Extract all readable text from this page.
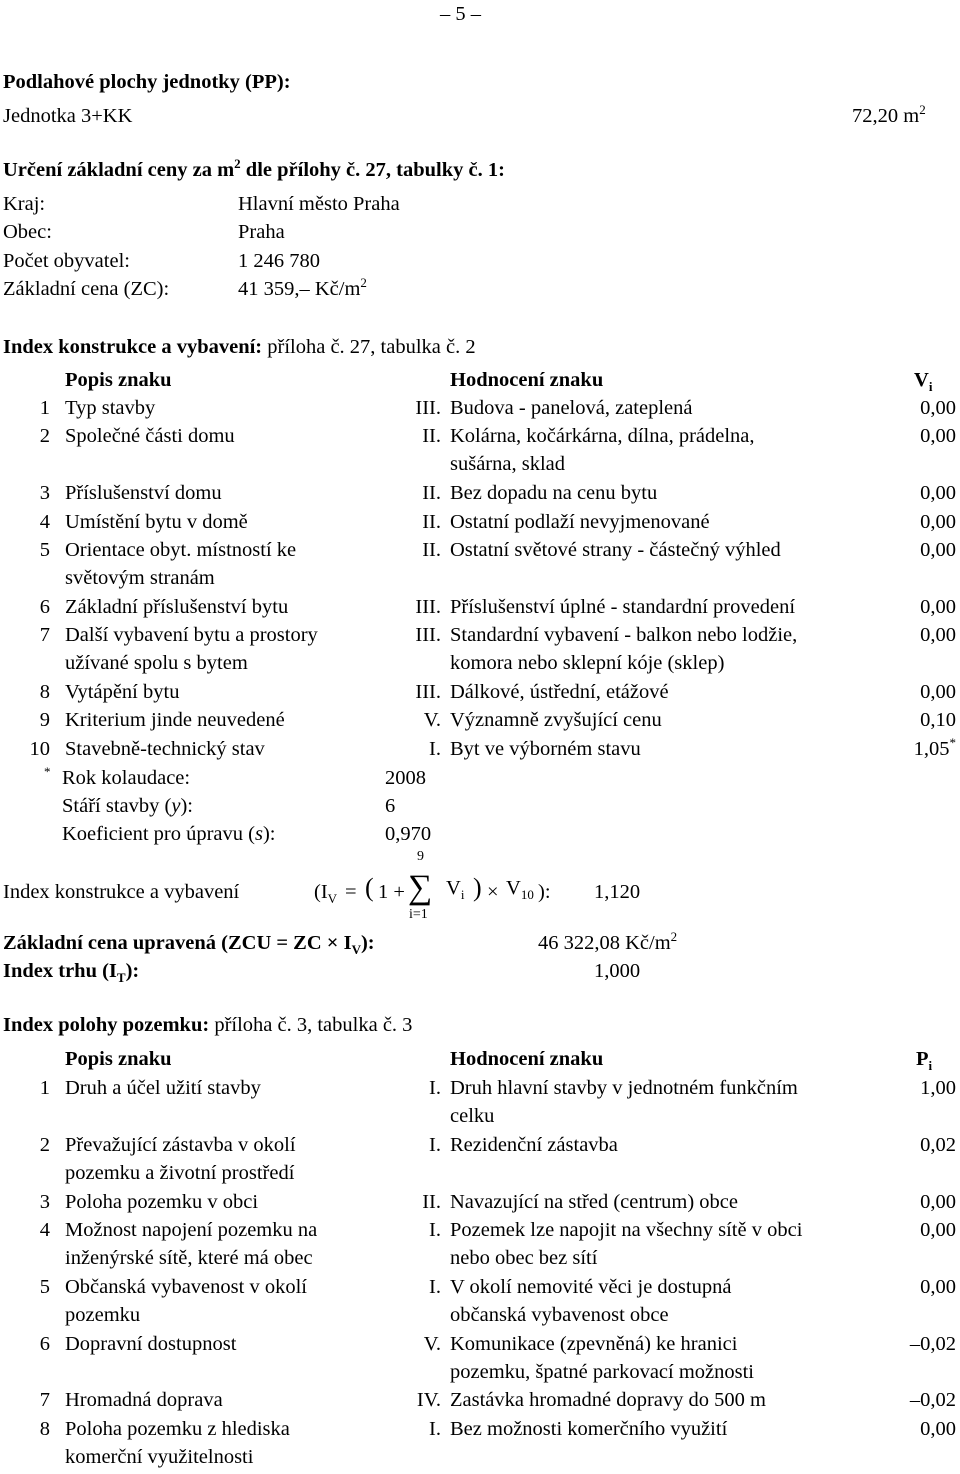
– 5 –
Podlahové plochy jednotky (PP):
Jednotka 3+KK	72,20 $m^2$
Určení základní ceny za $m^2$ dle přílohy č. 27, tabulky č. 1:
Kraj:	Hlavní město Praha
Obec:	Praha
Počet obyvatel:	1 246 780
Základní cena (ZC):	41 359,– $Kč/m^2$
Index konstrukce a vybavení: příloha č. 27, tabulka č. 2
Popis znaku	Hodnocení znaku	$V_i$
1 Typ stavby	III. Budova - panelová, zateplená	0,00
2 Společné části domu	II. Kolárna, kočárkárna, dílna, prádelna,
sušárna, sklad
0,00
3 Příslušenství domu	II. Bez dopadu na cenu bytu	0,00
4 Umístění bytu v domě	II. Ostatní podlaží nevyjmenované	0,00
5 Orientace obyt. místností ke
světovým stranám
II. Ostatní světové strany - částečný výhled	0,00
6 Základní příslušenství bytu	III. Příslušenství úplné - standardní provedení	0,00
7 Další vybavení bytu a prostory
užívané spolu s bytem
III. Standardní vybavení - balkon nebo lodžie,
komora nebo sklepní kóje (sklep)
0,00
8 Vytápění bytu	III. Dálkové, ústřední, etážové	0,00
9 Kriterium jinde neuvedené	V. Významně zvyšující cenu	0,10
10 Stavebně-technický stav	I. Byt ve výborném stavu	1,05*
* Rok kolaudace:	2008
Stáří stavby (y):	6
Koeficient pro úpravu (s):	0,970
9
Index konstrukce a vybavení	($I_V$ = ( 1 + ∑ $V_i$ ) × $V_{10}$ ): 1,120
i=1
Základní cena upravená (ZCU = ZC × $I_V$):	46 322,08 $Kč/m^2$
Index trhu $(I_T)$:	1,000
Index polohy pozemku: příloha č. 3, tabulka č. 3
Popis znaku	Hodnocení znaku	$P_i$
1 Druh a účel užití stavby	I. Druh hlavní stavby v jednotném funkčním
celku
1,00
2 Převažující zástavba v okolí
pozemku a životní prostředí
I. Rezidenční zástavba	0,02
3 Poloha pozemku v obci	II. Navazující na střed (centrum) obce	0,00
4 Možnost napojení pozemku na
inženýrské sítě, které má obec
I. Pozemek lze napojit na všechny sítě v obci
nebo obec bez sítí
0,00
5 Občanská vybavenost v okolí
pozemku
I. V okolí nemovité věci je dostupná
občanská vybavenost obce
0,00
6 Dopravní dostupnost	V. Komunikace (zpevněná) ke hranici
pozemku, špatné parkovací možnosti
–0,02
7 Hromadná doprava	IV. Zastávka hromadné dopravy do 500 m	–0,02
8 Poloha pozemku z hlediska
komerční využitelnosti
I. Bez možnosti komerčního využití	0,00
